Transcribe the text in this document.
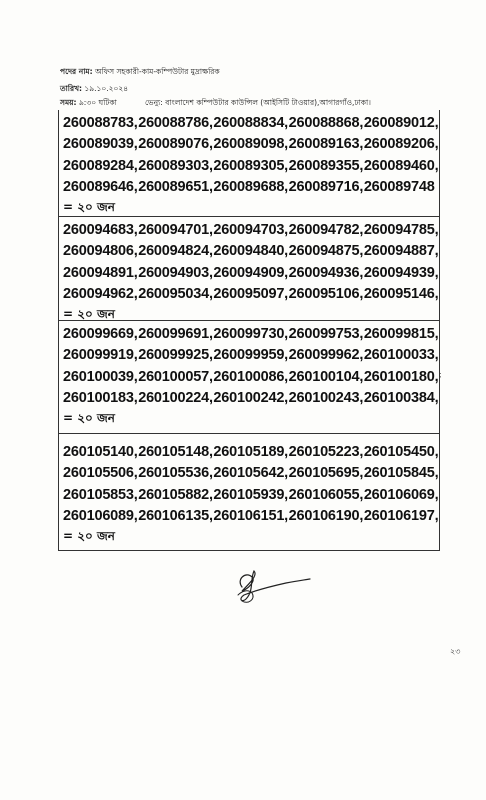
পদের নাম: অফিস সহকারী-কাম-কম্পিউটার মুদ্রাক্ষরিক
তারিখ: ১৯.১০.২০২৪
সময়: ৯:৩০ ঘটিকা	ভেন্যু: বাংলাদেশ কম্পিউটার কাউন্সিল (আইসিটি টাওয়ার),আগারগাঁও,ঢাকা।
260088783, 260088786, 260088834, 260088868, 260089012,
260089039, 260089076, 260089098, 260089163, 260089206,
260089284, 260089303, 260089305, 260089355, 260089460,
260089646, 260089651, 260089688, 260089716, 260089748
= ২০ জন
260094683, 260094701, 260094703, 260094782, 260094785,
260094806, 260094824, 260094840, 260094875, 260094887,
260094891, 260094903, 260094909, 260094936, 260094939,
260094962, 260095034, 260095097, 260095106, 260095146,
= ২০ জন
260099669, 260099691, 260099730, 260099753, 260099815,
260099919, 260099925, 260099959, 260099962, 260100033,
260100039, 260100057, 260100086, 260100104, 260100180,
260100183, 260100224, 260100242, 260100243, 260100384,
= ২০ জন
260105140, 260105148, 260105189, 260105223, 260105450,
260105506, 260105536, 260105642, 260105695, 260105845,
260105853, 260105882, 260105939, 260106055, 260106069,
260106089, 260106135, 260106151, 260106190, 260106197,
= ২০ জন
;
২৩
